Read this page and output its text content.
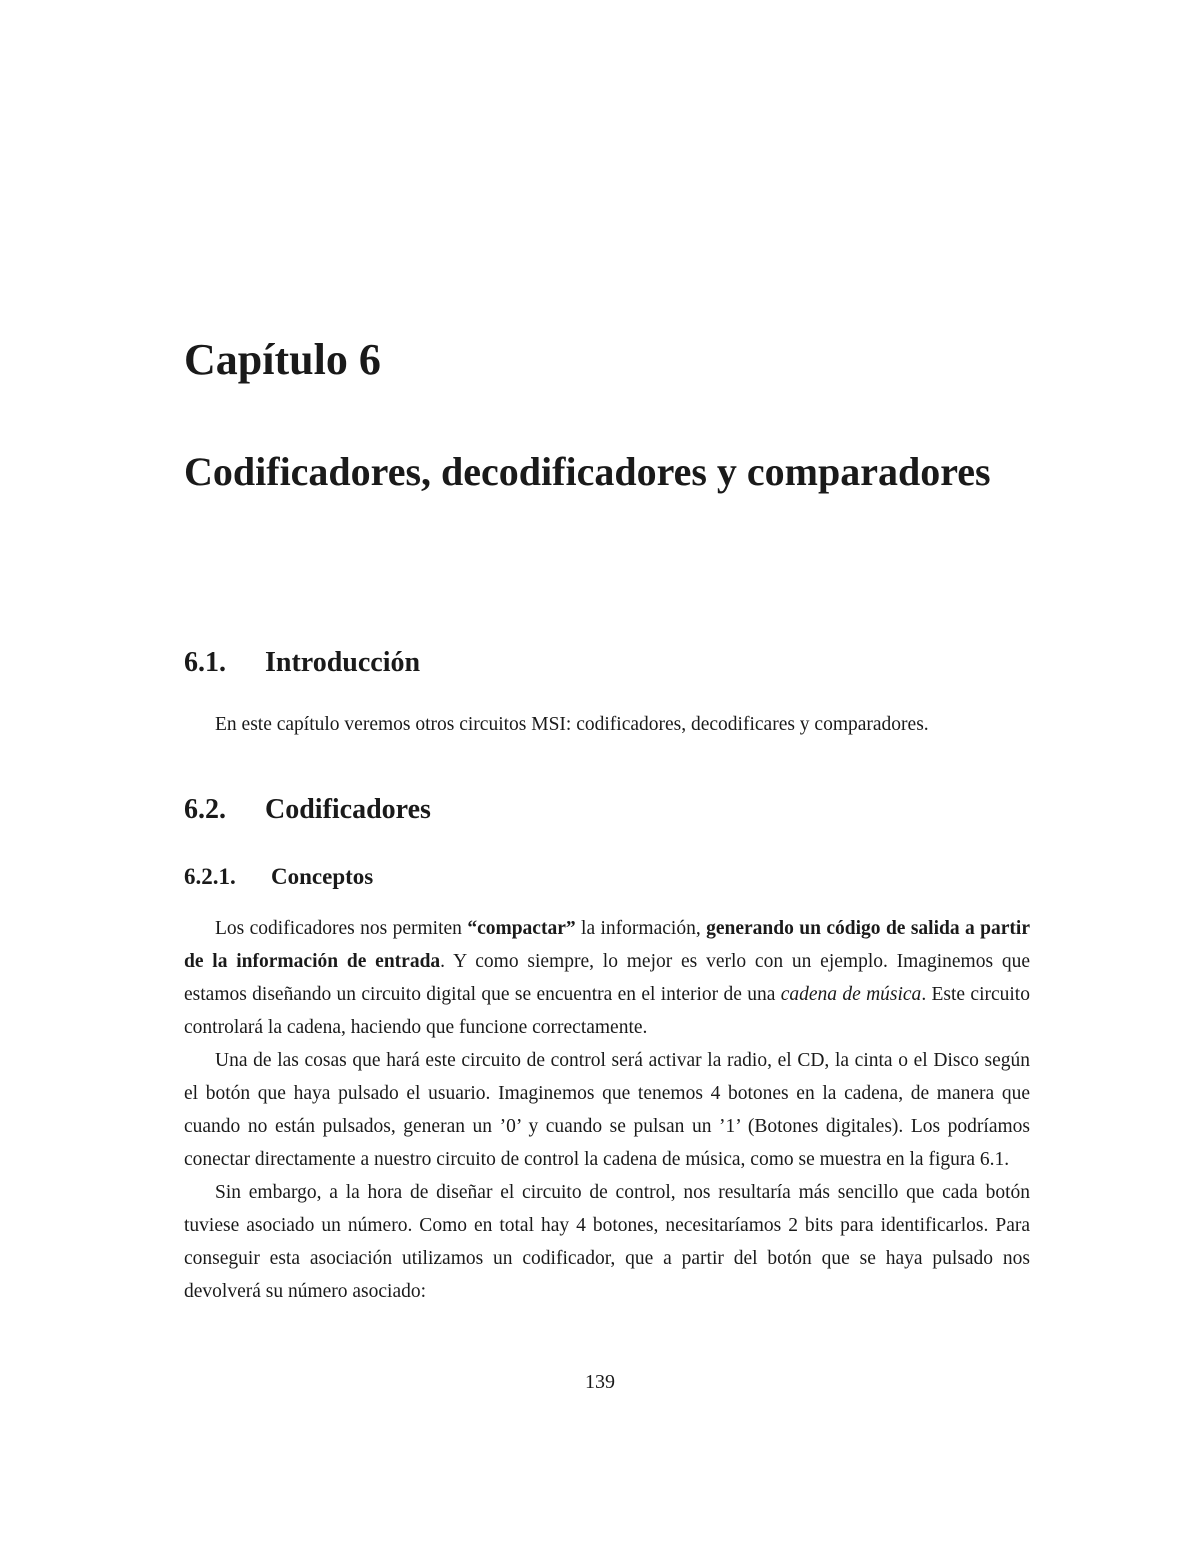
Capítulo 6
Codificadores, decodificadores y comparadores
6.1. Introducción

En este capítulo veremos otros circuitos MSI: codificadores, decodificares y comparadores.

6.2. Codificadores
6.2.1. Conceptos

Los codificadores nos permiten “compactar” la información, generando un código de salida a partir de la información de entrada. Y como siempre, lo mejor es verlo con un ejemplo. Imaginemos que estamos diseñando un circuito digital que se encuentra en el interior de una cadena de música. Este circuito controlará la cadena, haciendo que funcione correctamente.

Una de las cosas que hará este circuito de control será activar la radio, el CD, la cinta o el Disco según el botón que haya pulsado el usuario. Imaginemos que tenemos 4 botones en la cadena, de manera que cuando no están pulsados, generan un ’0’ y cuando se pulsan un ’1’ (Botones digitales). Los podríamos conectar directamente a nuestro circuito de control la cadena de música, como se muestra en la figura 6.1.

Sin embargo, a la hora de diseñar el circuito de control, nos resultaría más sencillo que cada botón tuviese asociado un número. Como en total hay 4 botones, necesitaríamos 2 bits para identificarlos. Para conseguir esta asociación utilizamos un codificador, que a partir del botón que se haya pulsado nos devolverá su número asociado:

139
